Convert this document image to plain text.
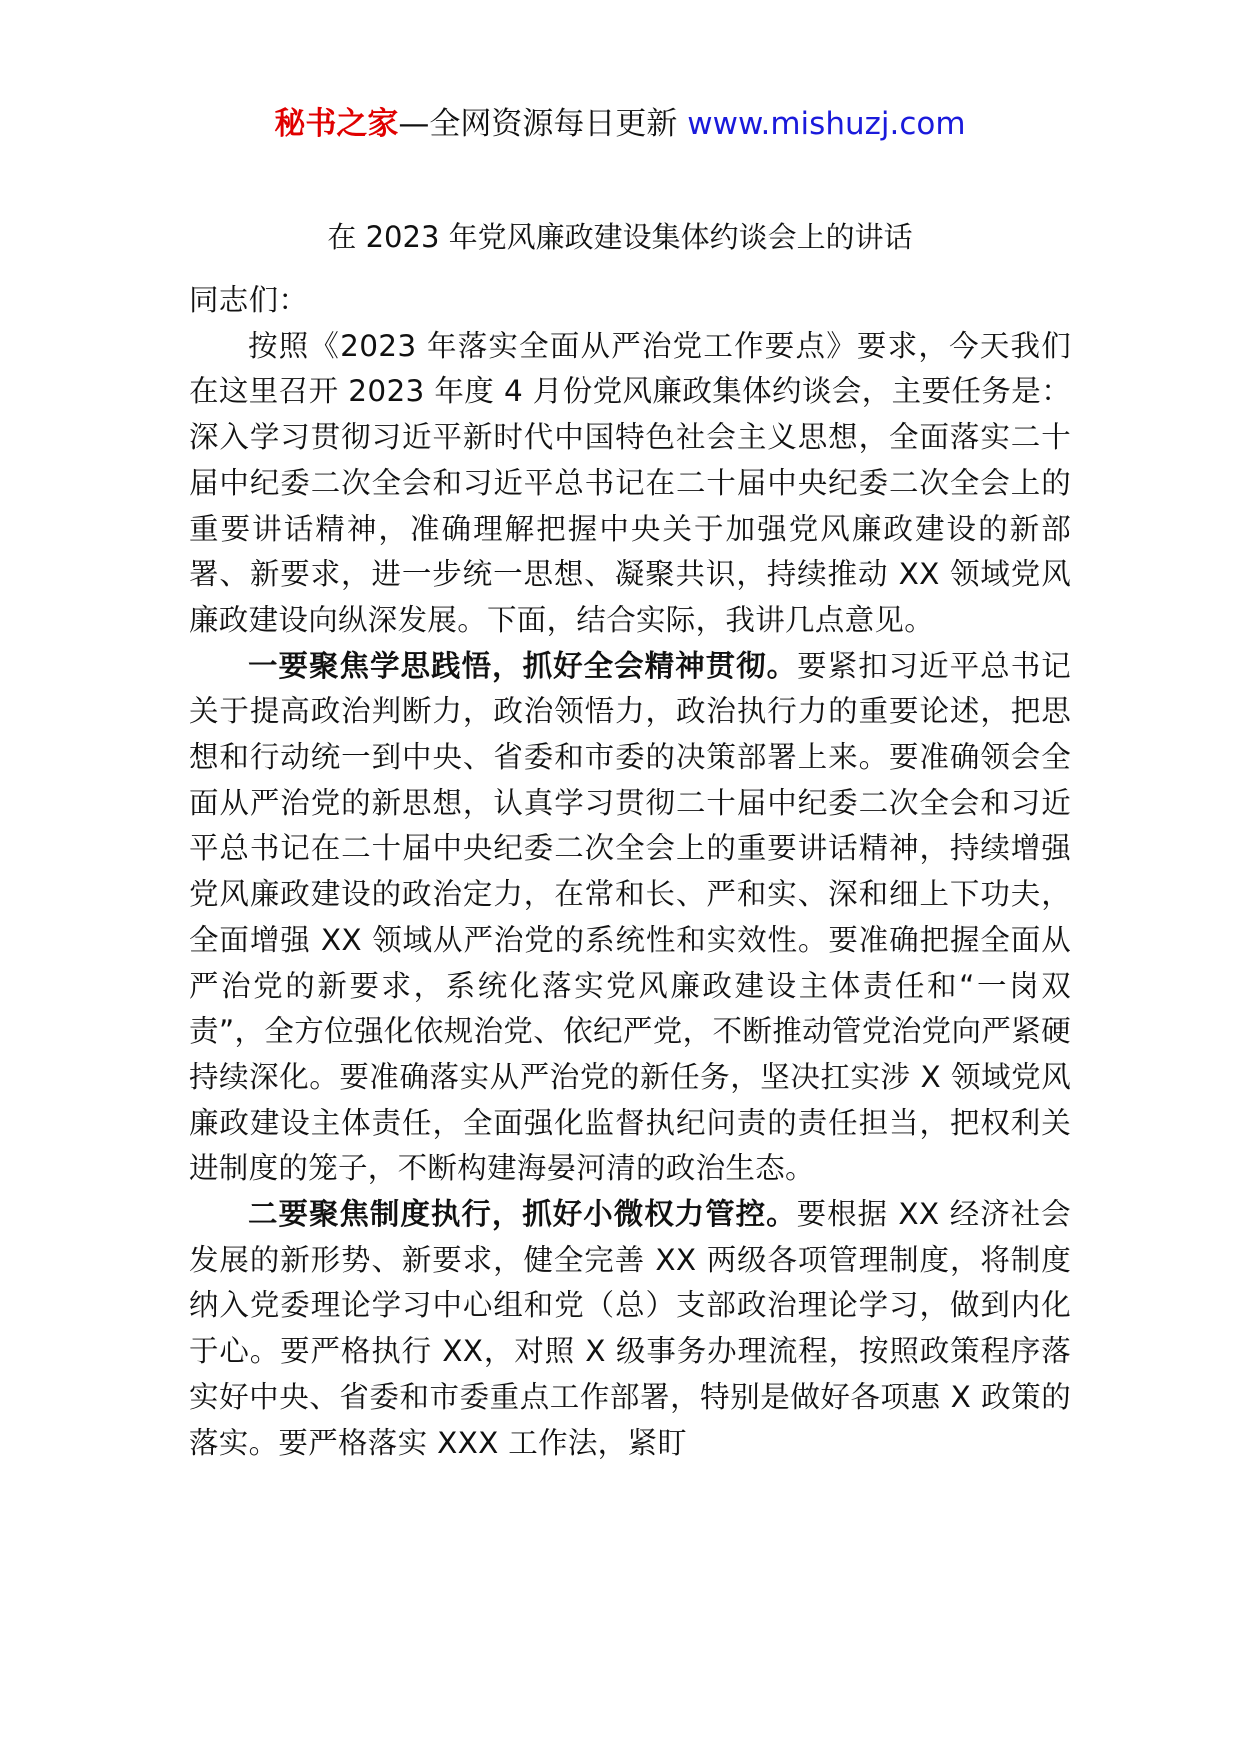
秘书之家—全网资源每日更新 www.mishuzj.com
在 2023 年党风廉政建设集体约谈会上的讲话

同志们：

按照《2023 年落实全面从严治党工作要点》要求，今天我们在这里召开 2023 年度 4 月份党风廉政集体约谈会，主要任务是：深入学习贯彻习近平新时代中国特色社会主义思想，全面落实二十届中纪委二次全会和习近平总书记在二十届中央纪委二次全会上的重要讲话精神，准确理解把握中央关于加强党风廉政建设的新部署、新要求，进一步统一思想、凝聚共识，持续推动 XX 领域党风廉政建设向纵深发展。下面，结合实际，我讲几点意见。

一要聚焦学思践悟，抓好全会精神贯彻。要紧扣习近平总书记关于提高政治判断力，政治领悟力，政治执行力的重要论述，把思想和行动统一到中央、省委和市委的决策部署上来。要准确领会全面从严治党的新思想，认真学习贯彻二十届中纪委二次全会和习近平总书记在二十届中央纪委二次全会上的重要讲话精神，持续增强党风廉政建设的政治定力，在常和长、严和实、深和细上下功夫，全面增强 XX 领域从严治党的系统性和实效性。要准确把握全面从严治党的新要求，系统化落实党风廉政建设主体责任和“一岗双责”，全方位强化依规治党、依纪严党，不断推动管党治党向严紧硬持续深化。要准确落实从严治党的新任务，坚决扛实涉 X 领域党风廉政建设主体责任，全面强化监督执纪问责的责任担当，把权利关进制度的笼子，不断构建海晏河清的政治生态。

二要聚焦制度执行，抓好小微权力管控。要根据 XX 经济社会发展的新形势、新要求，健全完善 XX 两级各项管理制度，将制度纳入党委理论学习中心组和党（总）支部政治理论学习，做到内化于心。要严格执行 XX，对照 X 级事务办理流程，按照政策程序落实好中央、省委和市委重点工作部署，特别是做好各项惠 X 政策的落实。要严格落实 XXX 工作法，紧盯
